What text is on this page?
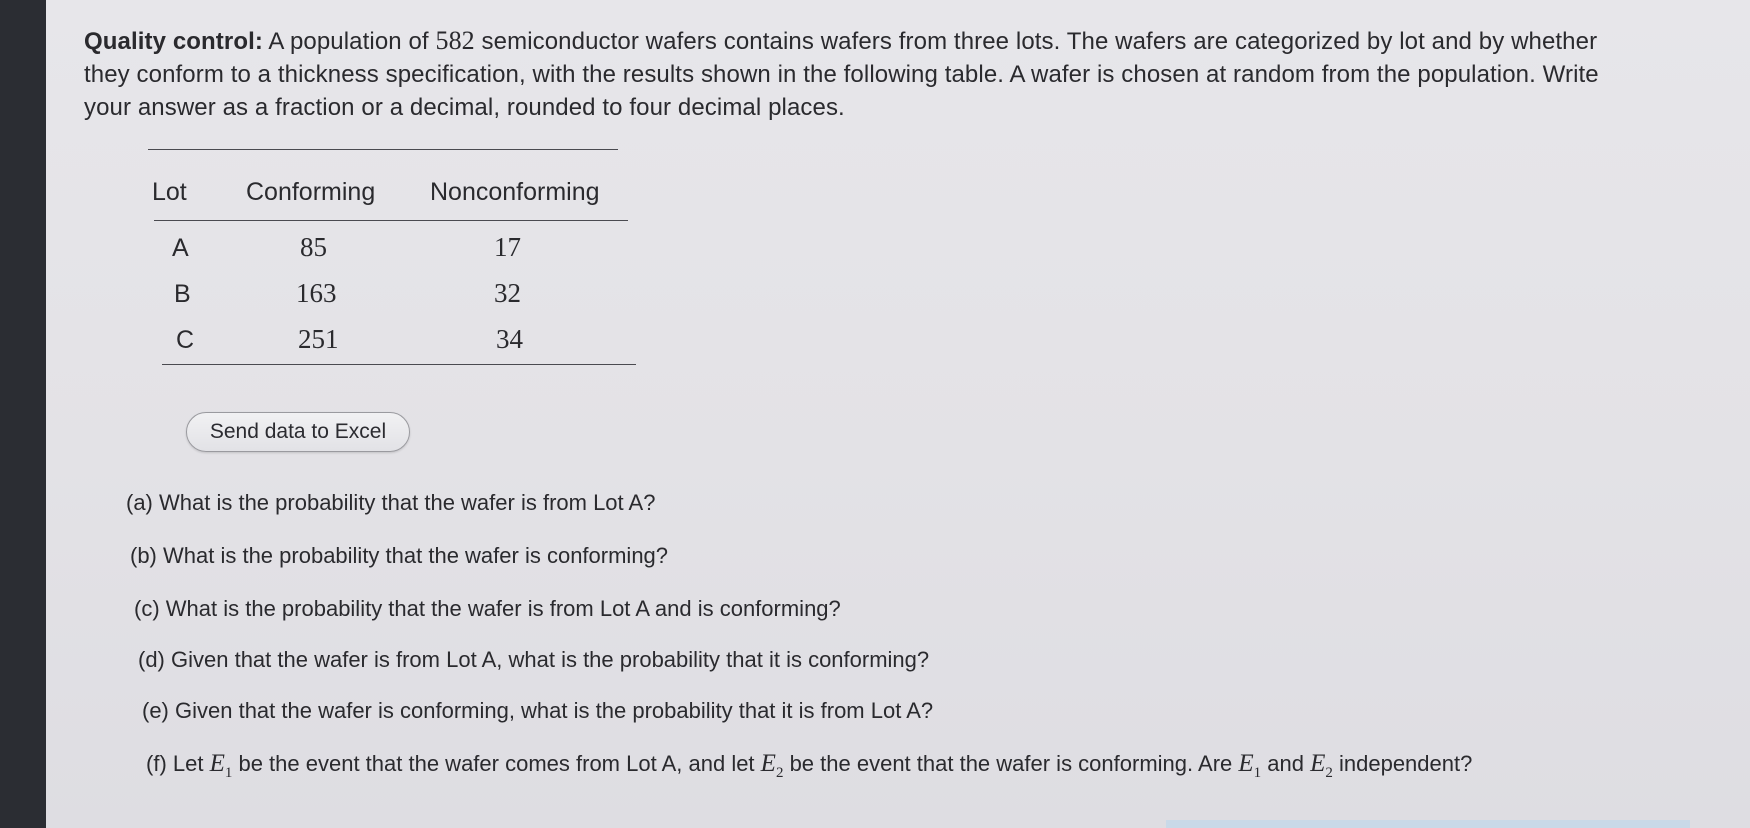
Quality control: A population of 582 semiconductor wafers contains wafers from three lots. The wafers are categorized by lot and by whether
they conform to a thickness specification, with the results shown in the following table. A wafer is chosen at random from the population. Write
your answer as a fraction or a decimal, rounded to four decimal places.
Lot Conforming Nonconforming
A	85	17
B	163	32
C	251	34
Send data to Excel
(a) What is the probability that the wafer is from Lot A?
(b) What is the probability that the wafer is conforming?
(c) What is the probability that the wafer is from Lot A and is conforming?
(d) Given that the wafer is from Lot A, what is the probability that it is conforming?
(e) Given that the wafer is conforming, what is the probability that it is from Lot A?
(f) Let $E_1$ be the event that the wafer comes from Lot A, and let $E_2$ be the event that the wafer is conforming. Are $E_1$ and $E_2$ independent?
